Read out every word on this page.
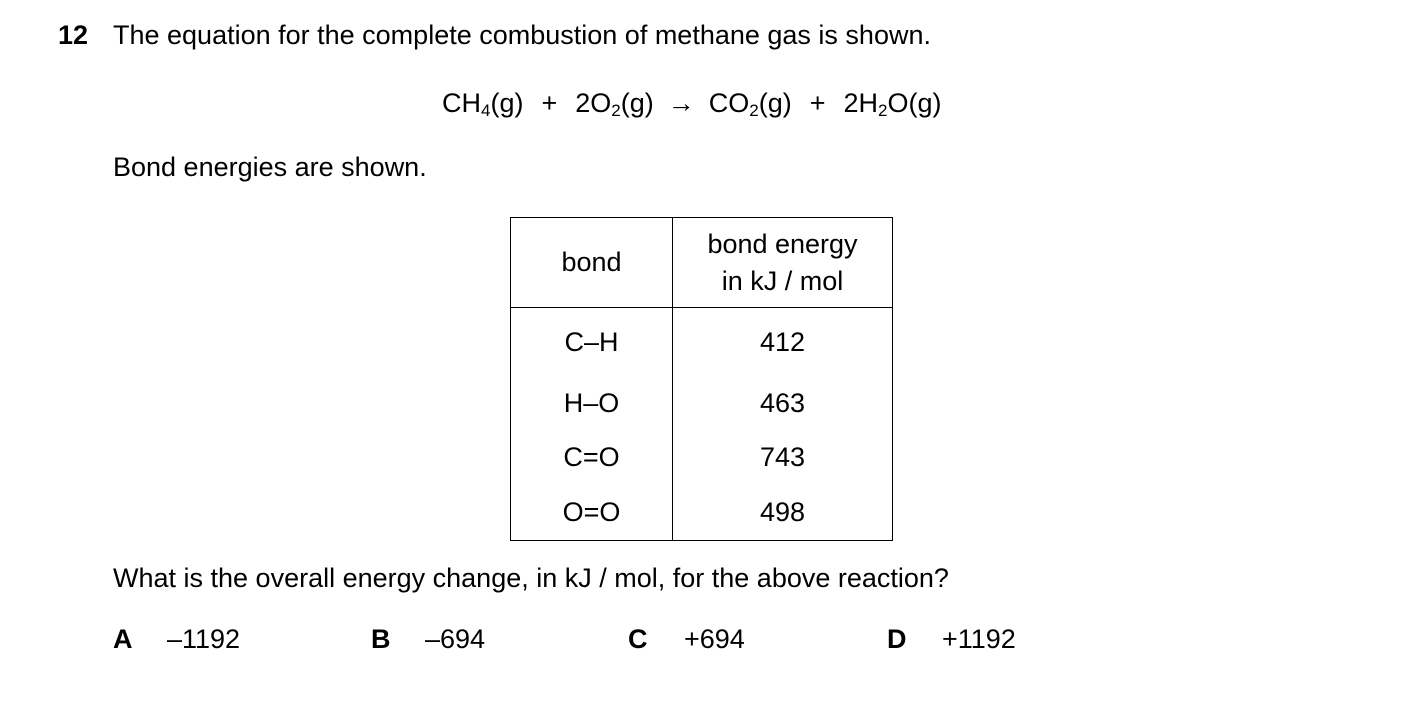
12 The equation for the complete combustion of methane gas is shown.
$CH_4(g) + 2O_2(g) \to CO_2(g) + 2H_2O(g)$
Bond energies are shown.
bond	bond energy
in kJ / mol
C–H	412
H–O	463
C=O	743
O=O	498
What is the overall energy change, in kJ / mol, for the above reaction?
A –1192	B –694	C +694	D +1192
